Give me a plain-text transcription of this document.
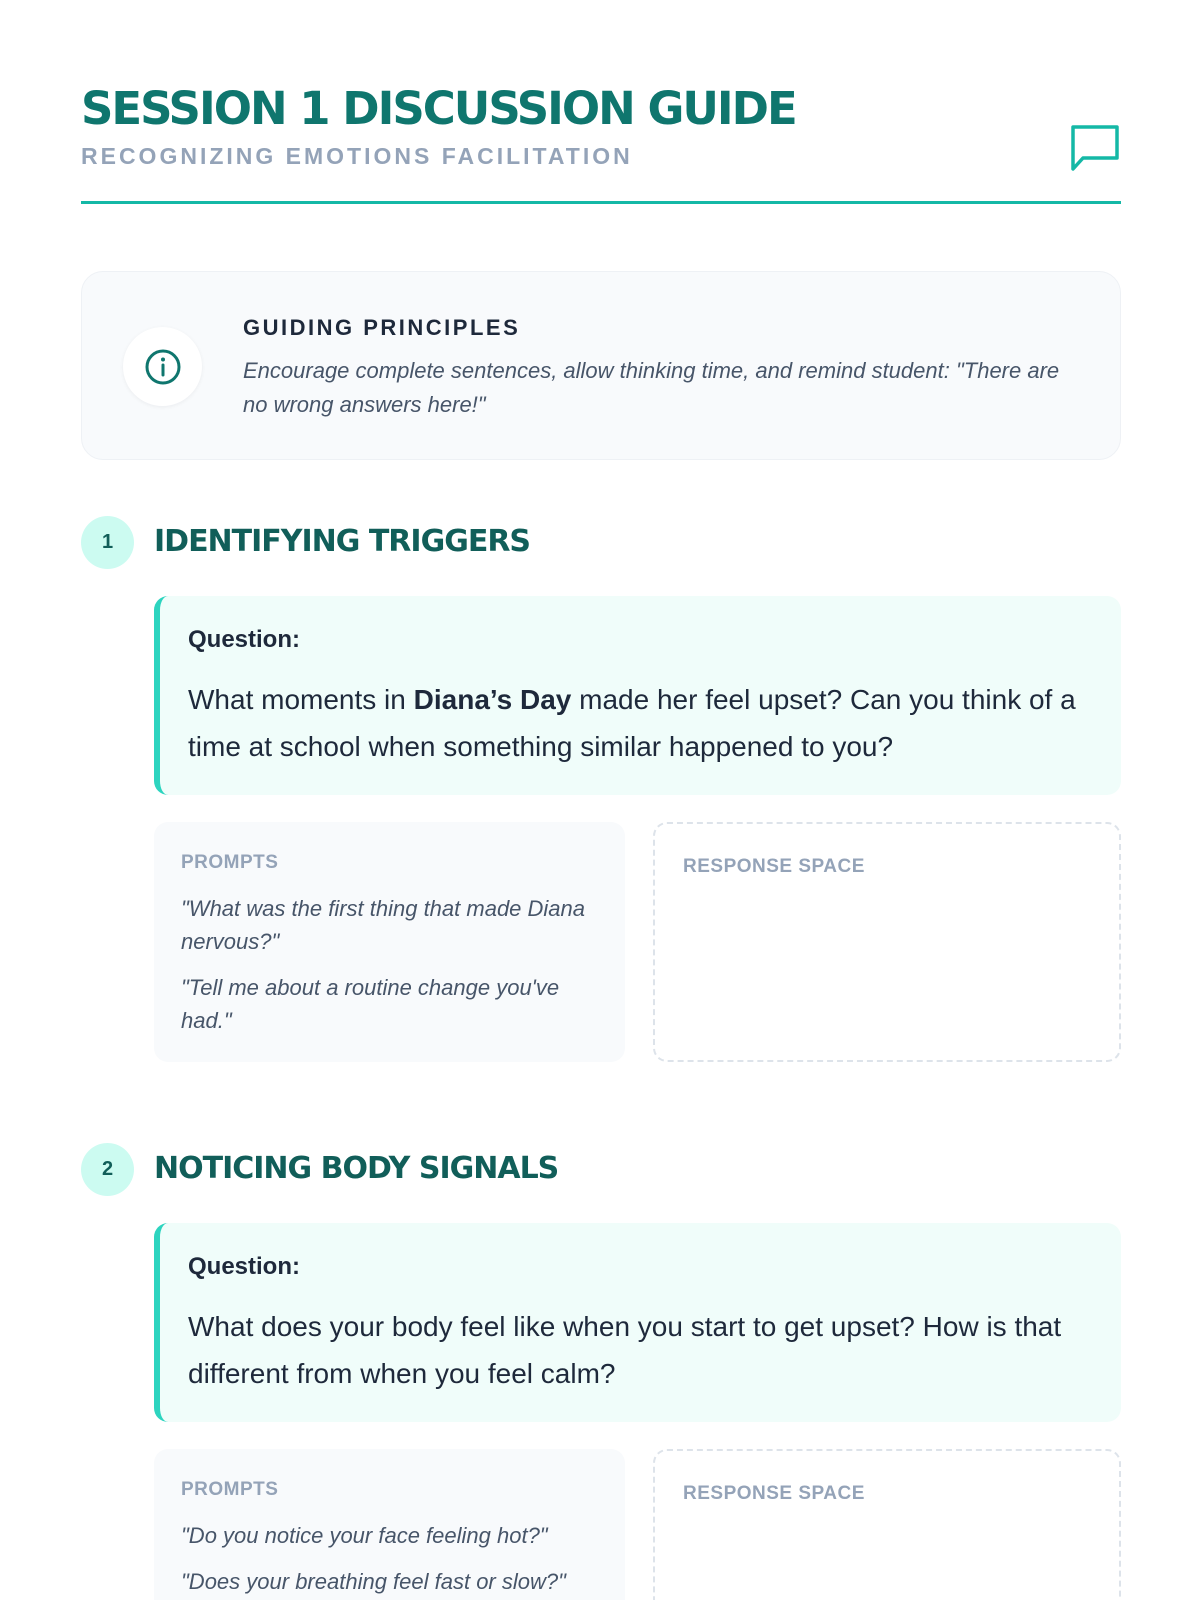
SESSION 1 DISCUSSION GUIDE
RECOGNIZING EMOTIONS FACILITATION
GUIDING PRINCIPLES
Encourage complete sentences, allow thinking time, and remind student: "There are no wrong answers here!"
1	IDENTIFYING TRIGGERS
Question:
What moments in Diana’s Day made her feel upset? Can you think of a time at school when something similar happened to you?
PROMPTS
"What was the first thing that made Diana nervous?"
"Tell me about a routine change you've had."
RESPONSE SPACE
2	NOTICING BODY SIGNALS
Question:
What does your body feel like when you start to get upset? How is that different from when you feel calm?
PROMPTS
"Do you notice your face feeling hot?"
"Does your breathing feel fast or slow?"
RESPONSE SPACE
